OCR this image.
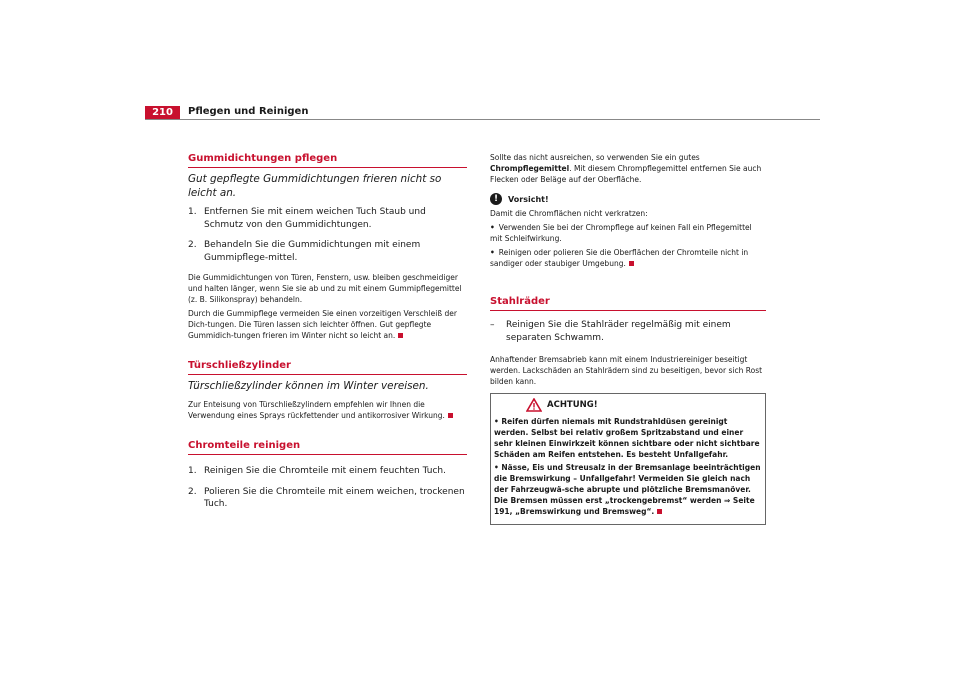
210	Pflegen und Reinigen
Gummidichtungen pflegen
Gut gepflegte Gummidichtungen frieren nicht so leicht an.
1. Entfernen Sie mit einem weichen Tuch Staub und Schmutz von den Gummidichtungen.
2. Behandeln Sie die Gummidichtungen mit einem Gummipflege-mittel.

Die Gummidichtungen von Türen, Fenstern, usw. bleiben geschmeidiger und halten länger, wenn Sie sie ab und zu mit einem Gummipflegemittel (z. B. Silikonspray) behandeln.

Durch die Gummipflege vermeiden Sie einen vorzeitigen Verschleiß der Dich-tungen. Die Türen lassen sich leichter öffnen. Gut gepflegte Gummidich-tungen frieren im Winter nicht so leicht an.

Türschließzylinder
Türschließzylinder können im Winter vereisen.

Zur Enteisung von Türschließzylindern empfehlen wir Ihnen die Verwendung eines Sprays rückfettender und antikorrosiver Wirkung.

Chromteile reinigen
1. Reinigen Sie die Chromteile mit einem feuchten Tuch.
2. Polieren Sie die Chromteile mit einem weichen, trockenen Tuch.

Sollte das nicht ausreichen, so verwenden Sie ein gutes Chrompflegemittel. Mit diesem Chrompflegemittel entfernen Sie auch Flecken oder Beläge auf der Oberfläche.

!	Vorsicht!

Damit die Chromflächen nicht verkratzen:

• Verwenden Sie bei der Chrompflege auf keinen Fall ein Pflegemittel mit Schleifwirkung.

• Reinigen oder polieren Sie die Oberflächen der Chromteile nicht in sandiger oder staubiger Umgebung.

Stahlräder
– Reinigen Sie die Stahlräder regelmäßig mit einem separaten Schwamm.

Anhaftender Bremsabrieb kann mit einem Industriereiniger beseitigt werden. Lackschäden an Stahlrädern sind zu beseitigen, bevor sich Rost bilden kann.

ACHTUNG!

• Reifen dürfen niemals mit Rundstrahldüsen gereinigt werden. Selbst bei relativ großem Spritzabstand und einer sehr kleinen Einwirkzeit können sichtbare oder nicht sichtbare Schäden am Reifen entstehen. Es besteht Unfallgefahr.

• Nässe, Eis und Streusalz in der Bremsanlage beeinträchtigen die Bremswirkung – Unfallgefahr! Vermeiden Sie gleich nach der Fahrzeugwä-sche abrupte und plötzliche Bremsmanöver. Die Bremsen müssen erst „trockengebremst“ werden ⇒ Seite 191, „Bremswirkung und Bremsweg“.
